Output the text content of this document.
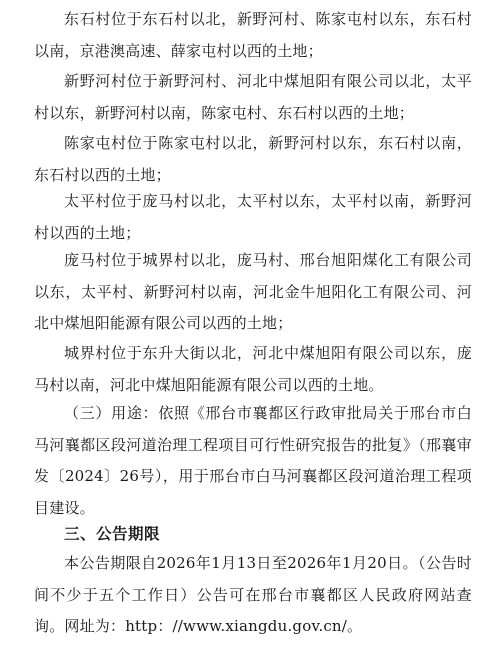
东石村位于东石村以北，新野河村、陈家屯村以东，东石村以南，京港澳高速、薛家屯村以西的土地；

新野河村位于新野河村、河北中煤旭阳有限公司以北，太平村以东，新野河村以南，陈家屯村、东石村以西的土地；

陈家屯村位于陈家屯村以北，新野河村以东，东石村以南，东石村以西的土地；

太平村位于庞马村以北，太平村以东，太平村以南，新野河村以西的土地；

庞马村位于城界村以北，庞马村、邢台旭阳煤化工有限公司以东，太平村、新野河村以南，河北金牛旭阳化工有限公司、河北中煤旭阳能源有限公司以西的土地；

城界村位于东升大街以北，河北中煤旭阳有限公司以东，庞马村以南，河北中煤旭阳能源有限公司以西的土地。

（三）用途：依照《邢台市襄都区行政审批局关于邢台市白马河襄都区段河道治理工程项目可行性研究报告的批复》（邢襄审发〔2024〕26号），用于邢台市白马河襄都区段河道治理工程项目建设。

三、公告期限

本公告期限自2026年1月13日至2026年1月20日。（公告时间不少于五个工作日）公告可在邢台市襄都区人民政府网站查询。网址为：http：//www.xiangdu.gov.cn/。
